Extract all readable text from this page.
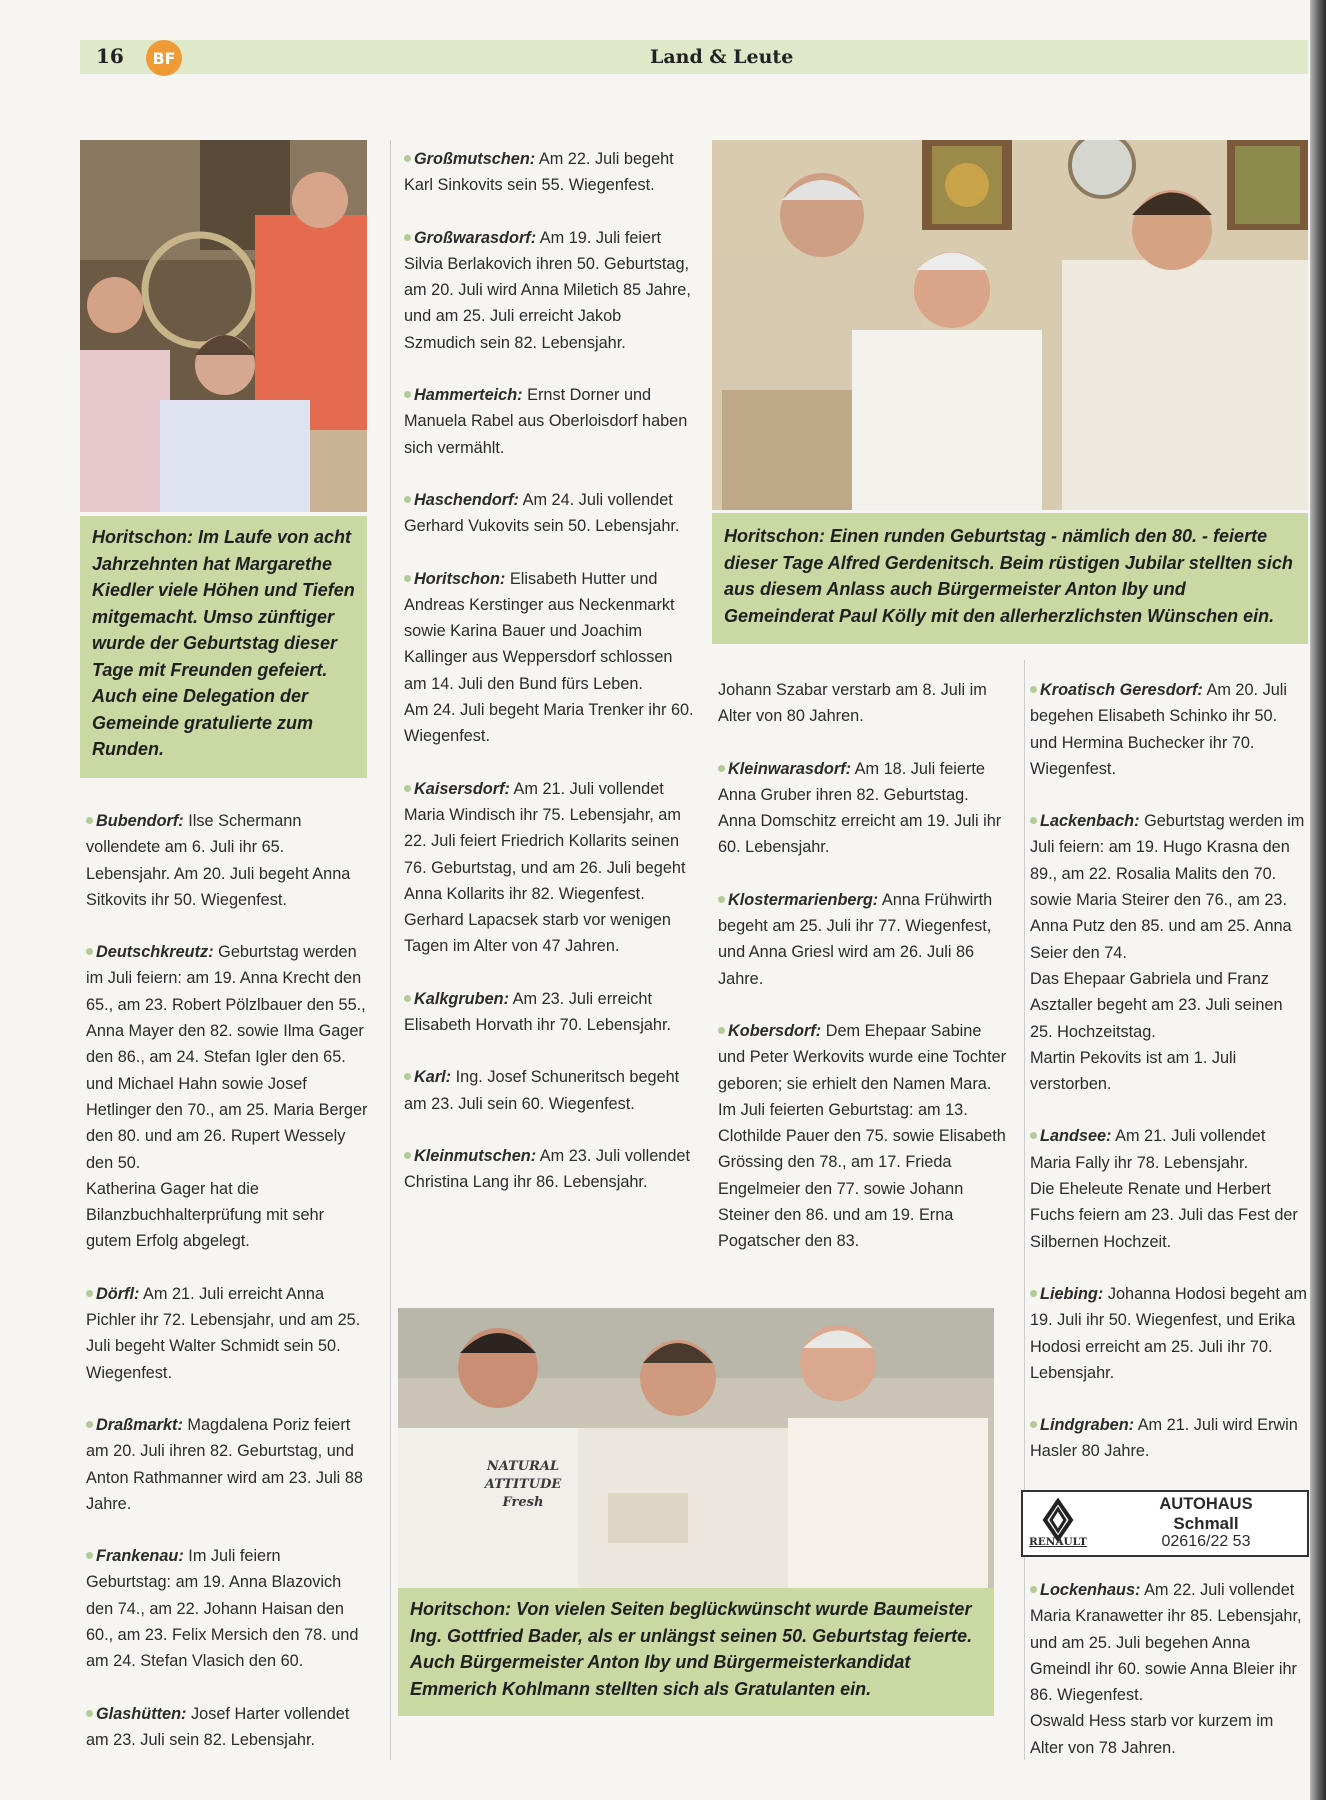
16	BF	Land & Leute
Horitschon: Im Laufe von acht Jahrzehnten hat Margarethe Kiedler viele Höhen und Tiefen mitgemacht. Umso zünftiger wurde der Geburtstag dieser Tage mit Freunden gefeiert. Auch eine Delegation der Gemeinde gratulierte zum Runden.
Horitschon: Einen runden Geburtstag - nämlich den 80. - feierte dieser Tage Alfred Gerdenitsch. Beim rüstigen Jubilar stellten sich aus diesem Anlass auch Bürgermeister Anton Iby und Gemeinderat Paul Kölly mit den allerherzlichsten Wünschen ein.
NATURAL ATTITUDE Fresh
Horitschon: Von vielen Seiten beglückwünscht wurde Baumeister Ing. Gottfried Bader, als er unlängst seinen 50. Geburtstag feierte. Auch Bürgermeister Anton Iby und Bürgermeisterkandidat Emmerich Kohlmann stellten sich als Gratulanten ein.

Bubendorf: Ilse Schermann vollendete am 6. Juli ihr 65. Lebensjahr. Am 20. Juli begeht Anna Sitkovits ihr 50. Wiegenfest.

Deutschkreutz: Geburtstag werden im Juli feiern: am 19. Anna Krecht den 65., am 23. Robert Pölzlbauer den 55., Anna Mayer den 82. sowie Ilma Gager den 86., am 24. Stefan Igler den 65. und Michael Hahn sowie Josef Hetlinger den 70., am 25. Maria Berger den 80. und am 26. Rupert Wessely den 50.

Katherina Gager hat die Bilanzbuchhalterprüfung mit sehr gutem Erfolg abgelegt.

Dörfl: Am 21. Juli erreicht Anna Pichler ihr 72. Lebensjahr, und am 25. Juli begeht Walter Schmidt sein 50. Wiegenfest.

Draßmarkt: Magdalena Poriz feiert am 20. Juli ihren 82. Geburtstag, und Anton Rathmanner wird am 23. Juli 88 Jahre.

Frankenau: Im Juli feiern Geburtstag: am 19. Anna Blazovich den 74., am 22. Johann Haisan den 60., am 23. Felix Mersich den 78. und am 24. Stefan Vlasich den 60.

Glashütten: Josef Harter vollendet am 23. Juli sein 82. Lebensjahr.

Großmutschen: Am 22. Juli begeht Karl Sinkovits sein 55. Wiegenfest.

Großwarasdorf: Am 19. Juli feiert Silvia Berlakovich ihren 50. Geburtstag, am 20. Juli wird Anna Miletich 85 Jahre, und am 25. Juli erreicht Jakob Szmudich sein 82. Lebensjahr.

Hammerteich: Ernst Dorner und Manuela Rabel aus Oberloisdorf haben sich vermählt.

Haschendorf: Am 24. Juli vollendet Gerhard Vukovits sein 50. Lebensjahr.

Horitschon: Elisabeth Hutter und Andreas Kerstinger aus Neckenmarkt sowie Karina Bauer und Joachim Kallinger aus Weppersdorf schlossen am 14. Juli den Bund fürs Leben.

Am 24. Juli begeht Maria Trenker ihr 60. Wiegenfest.

Kaisersdorf: Am 21. Juli vollendet Maria Windisch ihr 75. Lebensjahr, am 22. Juli feiert Friedrich Kollarits seinen 76. Geburtstag, und am 26. Juli begeht Anna Kollarits ihr 82. Wiegenfest.

Gerhard Lapacsek starb vor wenigen Tagen im Alter von 47 Jahren.

Kalkgruben: Am 23. Juli erreicht Elisabeth Horvath ihr 70. Lebensjahr.

Karl: Ing. Josef Schuneritsch begeht am 23. Juli sein 60. Wiegenfest.

Kleinmutschen: Am 23. Juli vollendet Christina Lang ihr 86. Lebensjahr.

Johann Szabar verstarb am 8. Juli im Alter von 80 Jahren.

Kleinwarasdorf: Am 18. Juli feierte Anna Gruber ihren 82. Geburtstag. Anna Domschitz erreicht am 19. Juli ihr 60. Lebensjahr.

Klostermarienberg: Anna Frühwirth begeht am 25. Juli ihr 77. Wiegenfest, und Anna Griesl wird am 26. Juli 86 Jahre.

Kobersdorf: Dem Ehepaar Sabine und Peter Werkovits wurde eine Tochter geboren; sie erhielt den Namen Mara.

Im Juli feierten Geburtstag: am 13. Clothilde Pauer den 75. sowie Elisabeth Grössing den 78., am 17. Frieda Engelmeier den 77. sowie Johann Steiner den 86. und am 19. Erna Pogatscher den 83.

Kroatisch Geresdorf: Am 20. Juli begehen Elisabeth Schinko ihr 50. und Hermina Buchecker ihr 70. Wiegenfest.

Lackenbach: Geburtstag werden im Juli feiern: am 19. Hugo Krasna den 89., am 22. Rosalia Malits den 70. sowie Maria Steirer den 76., am 23. Anna Putz den 85. und am 25. Anna Seier den 74.

Das Ehepaar Gabriela und Franz Asztaller begeht am 23. Juli seinen 25. Hochzeitstag.

Martin Pekovits ist am 1. Juli verstorben.

Landsee: Am 21. Juli vollendet Maria Fally ihr 78. Lebensjahr.

Die Eheleute Renate und Herbert Fuchs feiern am 23. Juli das Fest der Silbernen Hochzeit.

Liebing: Johanna Hodosi begeht am 19. Juli ihr 50. Wiegenfest, und Erika Hodosi erreicht am 25. Juli ihr 70. Lebensjahr.

Lindgraben: Am 21. Juli wird Erwin Hasler 80 Jahre.

RENAULT
AUTOHAUS
Schmall
02616/22 53

Lockenhaus: Am 22. Juli vollendet Maria Kranawetter ihr 85. Lebensjahr, und am 25. Juli begehen Anna Gmeindl ihr 60. sowie Anna Bleier ihr 86. Wiegenfest.

Oswald Hess starb vor kurzem im Alter von 78 Jahren.
